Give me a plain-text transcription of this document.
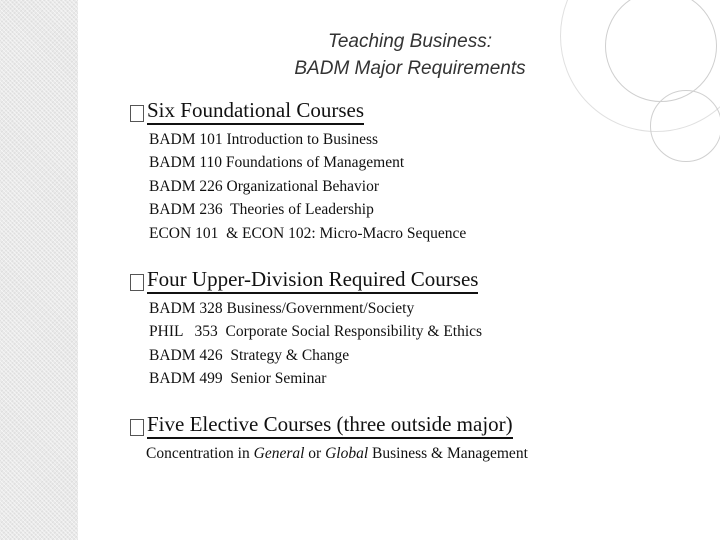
Teaching Business:
BADM Major Requirements
Six Foundational Courses
BADM 101 Introduction to Business
BADM 110 Foundations of Management
BADM 226 Organizational Behavior
BADM 236  Theories of Leadership
ECON 101  & ECON 102: Micro-Macro Sequence
Four Upper-Division Required Courses
BADM 328 Business/Government/Society
PHIL   353  Corporate Social Responsibility & Ethics
BADM 426  Strategy & Change
BADM 499  Senior Seminar
Five Elective Courses (three outside major)
Concentration in General or Global Business & Management
